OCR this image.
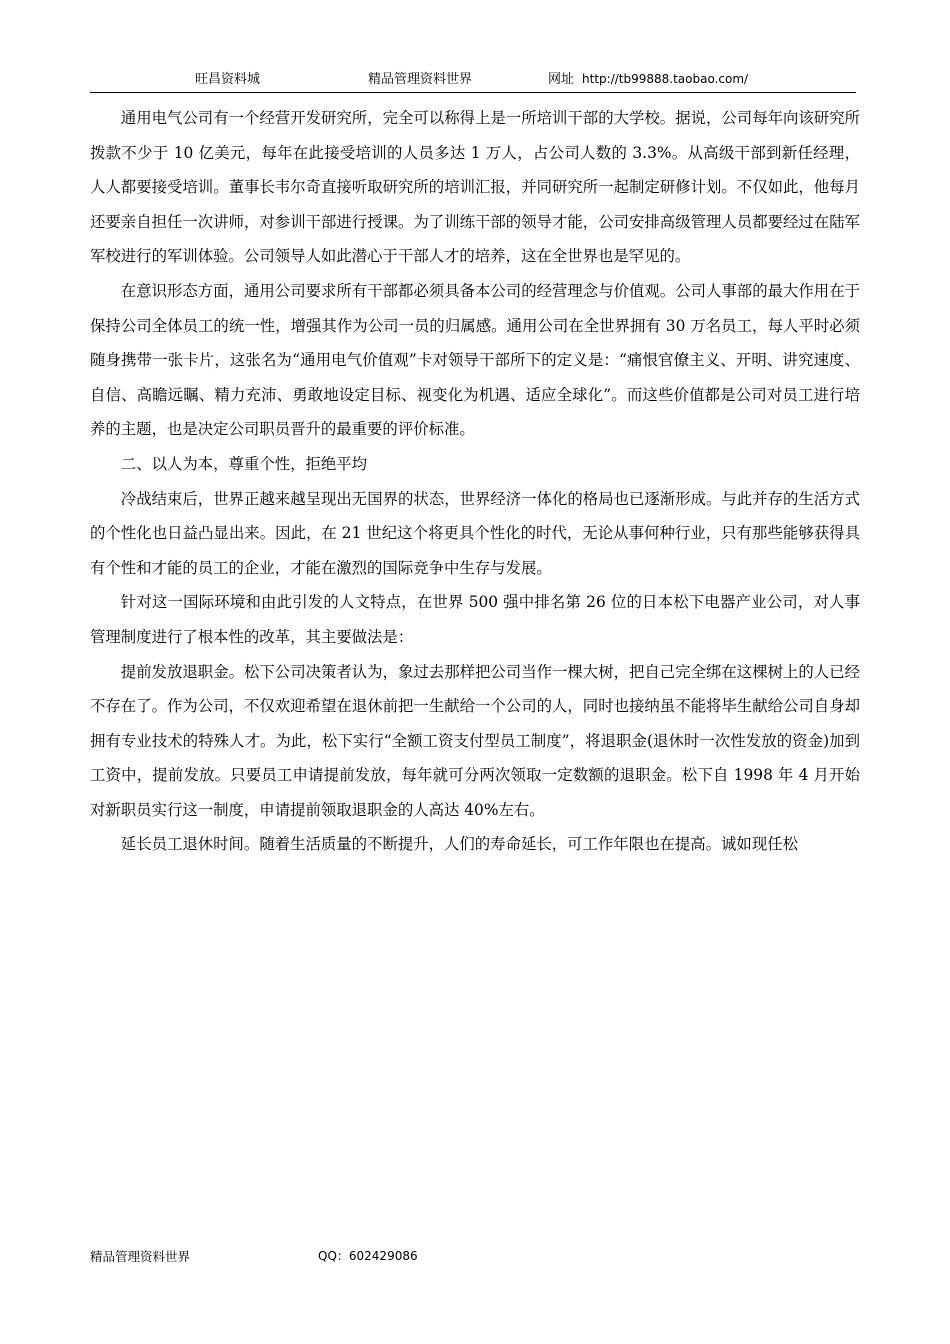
旺昌资料城	精品管理资料世界	网址 http://tb99888.taobao.com/

通用电气公司有一个经营开发研究所，完全可以称得上是一所培训干部的大学校。据说，公司每年向该研究所拨款不少于 10 亿美元，每年在此接受培训的人员多达 1 万人，占公司人数的 3.3%。从高级干部到新任经理，人人都要接受培训。董事长韦尔奇直接听取研究所的培训汇报，并同研究所一起制定研修计划。不仅如此，他每月还要亲自担任一次讲师，对参训干部进行授课。为了训练干部的领导才能，公司安排高级管理人员都要经过在陆军军校进行的军训体验。公司领导人如此潜心于干部人才的培养，这在全世界也是罕见的。

在意识形态方面，通用公司要求所有干部都必须具备本公司的经营理念与价值观。公司人事部的最大作用在于保持公司全体员工的统一性，增强其作为公司一员的归属感。通用公司在全世界拥有 30 万名员工，每人平时必须随身携带一张卡片，这张名为“通用电气价值观”卡对领导干部所下的定义是：“痛恨官僚主义、开明、讲究速度、自信、高瞻远瞩、精力充沛、勇敢地设定目标、视变化为机遇、适应全球化”。而这些价值都是公司对员工进行培养的主题，也是决定公司职员晋升的最重要的评价标准。

二、以人为本，尊重个性，拒绝平均

冷战结束后，世界正越来越呈现出无国界的状态，世界经济一体化的格局也已逐渐形成。与此并存的生活方式的个性化也日益凸显出来。因此，在 21 世纪这个将更具个性化的时代，无论从事何种行业，只有那些能够获得具有个性和才能的员工的企业，才能在激烈的国际竞争中生存与发展。

针对这一国际环境和由此引发的人文特点，在世界 500 强中排名第 26 位的日本松下电器产业公司，对人事管理制度进行了根本性的改革，其主要做法是：

提前发放退职金。松下公司决策者认为，象过去那样把公司当作一棵大树，把自己完全绑在这棵树上的人已经不存在了。作为公司，不仅欢迎希望在退休前把一生献给一个公司的人，同时也接纳虽不能将毕生献给公司自身却拥有专业技术的特殊人才。为此，松下实行“全额工资支付型员工制度”，将退职金(退休时一次性发放的资金)加到工资中，提前发放。只要员工申请提前发放，每年就可分两次领取一定数额的退职金。松下自 1998 年 4 月开始对新职员实行这一制度，申请提前领取退职金的人高达 40%左右。

延长员工退休时间。随着生活质量的不断提升，人们的寿命延长，可工作年限也在提高。诚如现任松

精品管理资料世界	QQ：602429086
